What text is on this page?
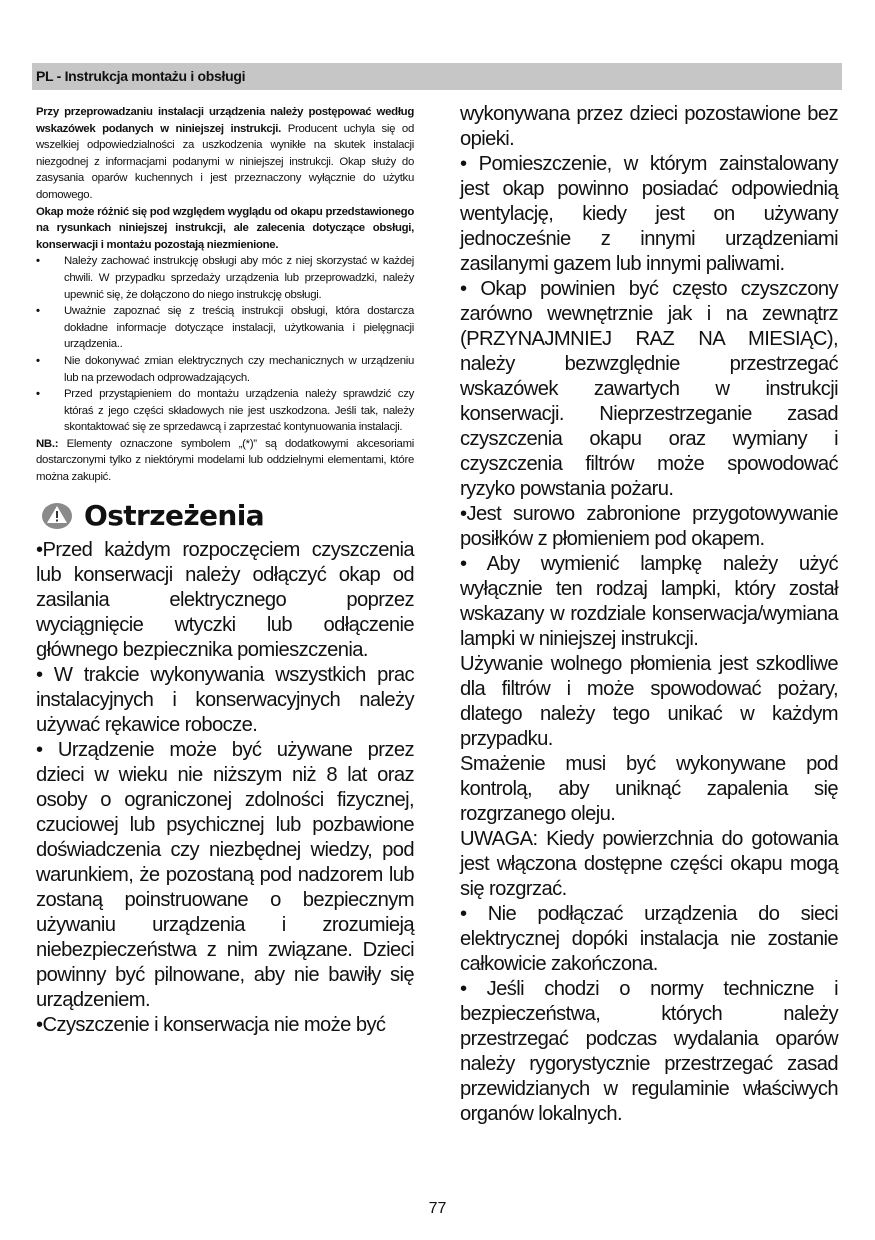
PL - Instrukcja montażu i obsługi

Przy przeprowadzaniu instalacji urządzenia należy postępować według wskazówek podanych w niniejszej instrukcji. Producent uchyla się od wszelkiej odpowiedzialności za uszkodzenia wynikłe na skutek instalacji niezgodnej z informacjami podanymi w niniejszej instrukcji. Okap służy do zasysania oparów kuchennych i jest przeznaczony wyłącznie do użytku domowego.

Okap może różnić się pod względem wyglądu od okapu przedstawionego na rysunkach niniejszej instrukcji, ale zalecenia dotyczące obsługi, konserwacji i montażu pozostają niezmienione.

• Należy zachować instrukcję obsługi aby móc z niej skorzystać w każdej chwili. W przypadku sprzedaży urządzenia lub przeprowadzki, należy upewnić się, że dołączono do niego instrukcję obsługi.
• Uważnie zapoznać się z treścią instrukcji obsługi, która dostarcza dokładne informacje dotyczące instalacji, użytkowania i pielęgnacji urządzenia..
• Nie dokonywać zmian elektrycznych czy mechanicznych w urządzeniu lub na przewodach odprowadzających.
• Przed przystąpieniem do montażu urządzenia należy sprawdzić czy któraś z jego części składowych nie jest uszkodzona. Jeśli tak, należy skontaktować się ze sprzedawcą i zaprzestać kontynuowania instalacji.

NB.: Elementy oznaczone symbolem „(*)” są dodatkowymi akcesoriami dostarczonymi tylko z niektórymi modelami lub oddzielnymi elementami, które można zakupić.

Ostrzeżenia

•Przed każdym rozpoczęciem czyszczenia lub konserwacji należy odłączyć okap od zasilania elektrycznego poprzez wyciągnięcie wtyczki lub odłączenie głównego bezpiecznika pomieszczenia.

• W trakcie wykonywania wszystkich prac instalacyjnych i konserwacyjnych należy używać rękawice robocze.

• Urządzenie może być używane przez dzieci w wieku nie niższym niż 8 lat oraz osoby o ograniczonej zdolności fizycznej, czuciowej lub psychicznej lub pozbawione doświadczenia czy niezbędnej wiedzy, pod warunkiem, że pozostaną pod nadzorem lub zostaną poinstruowane o bezpiecznym używaniu urządzenia i zrozumieją niebezpieczeństwa z nim związane. Dzieci powinny być pilnowane, aby nie bawiły się urządzeniem.

•Czyszczenie i konserwacja nie może być

wykonywana przez dzieci pozostawione bez opieki.

• Pomieszczenie, w którym zainstalowany jest okap powinno posiadać odpowiednią wentylację, kiedy jest on używany jednocześnie z innymi urządzeniami zasilanymi gazem lub innymi paliwami.

• Okap powinien być często czyszczony zarówno wewnętrznie jak i na zewnątrz (PRZYNAJMNIEJ RAZ NA MIESIĄC), należy bezwzględnie przestrzegać wskazówek zawartych w instrukcji konserwacji. Nieprzestrzeganie zasad czyszczenia okapu oraz wymiany i czyszczenia filtrów może spowodować ryzyko powstania pożaru.

•Jest surowo zabronione przygotowywanie posiłków z płomieniem pod okapem.

• Aby wymienić lampkę należy użyć wyłącznie ten rodzaj lampki, który został wskazany w rozdziale konserwacja/wymiana lampki w niniejszej instrukcji.

Używanie wolnego płomienia jest szkodliwe dla filtrów i może spowodować pożary, dlatego należy tego unikać w każdym przypadku.

Smażenie musi być wykonywane pod kontrolą, aby uniknąć zapalenia się rozgrzanego oleju.

UWAGA: Kiedy powierzchnia do gotowania jest włączona dostępne części okapu mogą się rozgrzać.

• Nie podłączać urządzenia do sieci elektrycznej dopóki instalacja nie zostanie całkowicie zakończona.

• Jeśli chodzi o normy techniczne i bezpieczeństwa, których należy przestrzegać podczas wydalania oparów należy rygorystycznie przestrzegać zasad przewidzianych w regulaminie właściwych organów lokalnych.

77
